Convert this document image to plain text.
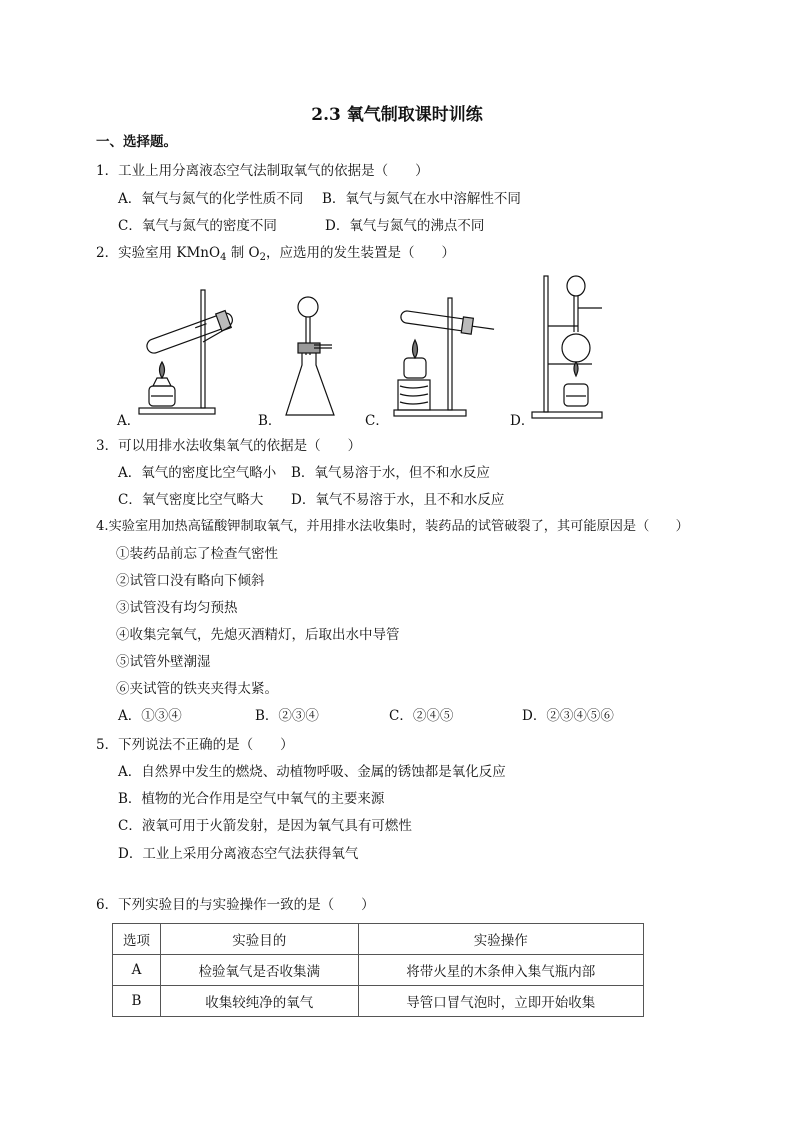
2.3 氧气制取课时训练
一、选择题。
1．工业上用分离液态空气法制取氧气的依据是（　　）
A．氧气与氮气的化学性质不同 B．氧气与氮气在水中溶解性不同
C．氧气与氮气的密度不同	D．氧气与氮气的沸点不同
2．实验室用 KMnO$_4$ 制 $O_2$，应选用的发生装置是（　　）
A．	B．	C．	D．
3．可以用排水法收集氧气的依据是（　　）
A．氧气的密度比空气略小 B．氧气易溶于水，但不和水反应
C．氧气密度比空气略大 D．氧气不易溶于水，且不和水反应
4.实验室用加热高锰酸钾制取氧气，并用排水法收集时，装药品的试管破裂了，其可能原因是（　　）
①装药品前忘了检查气密性
②试管口没有略向下倾斜
③试管没有均匀预热
④收集完氧气，先熄灭酒精灯，后取出水中导管
⑤试管外壁潮湿
⑥夹试管的铁夹夹得太紧。
A．①③④	B．②③④	C．②④⑤	D．②③④⑤⑥
5．下列说法不正确的是（　　）
A．自然界中发生的燃烧、动植物呼吸、金属的锈蚀都是氧化反应
B．植物的光合作用是空气中氧气的主要来源
C．液氧可用于火箭发射，是因为氧气具有可燃性
D．工业上采用分离液态空气法获得氧气
6．下列实验目的与实验操作一致的是（　　）
选项	实验目的	实验操作
A	检验氧气是否收集满	将带火星的木条伸入集气瓶内部
B	收集较纯净的氧气	导管口冒气泡时，立即开始收集
